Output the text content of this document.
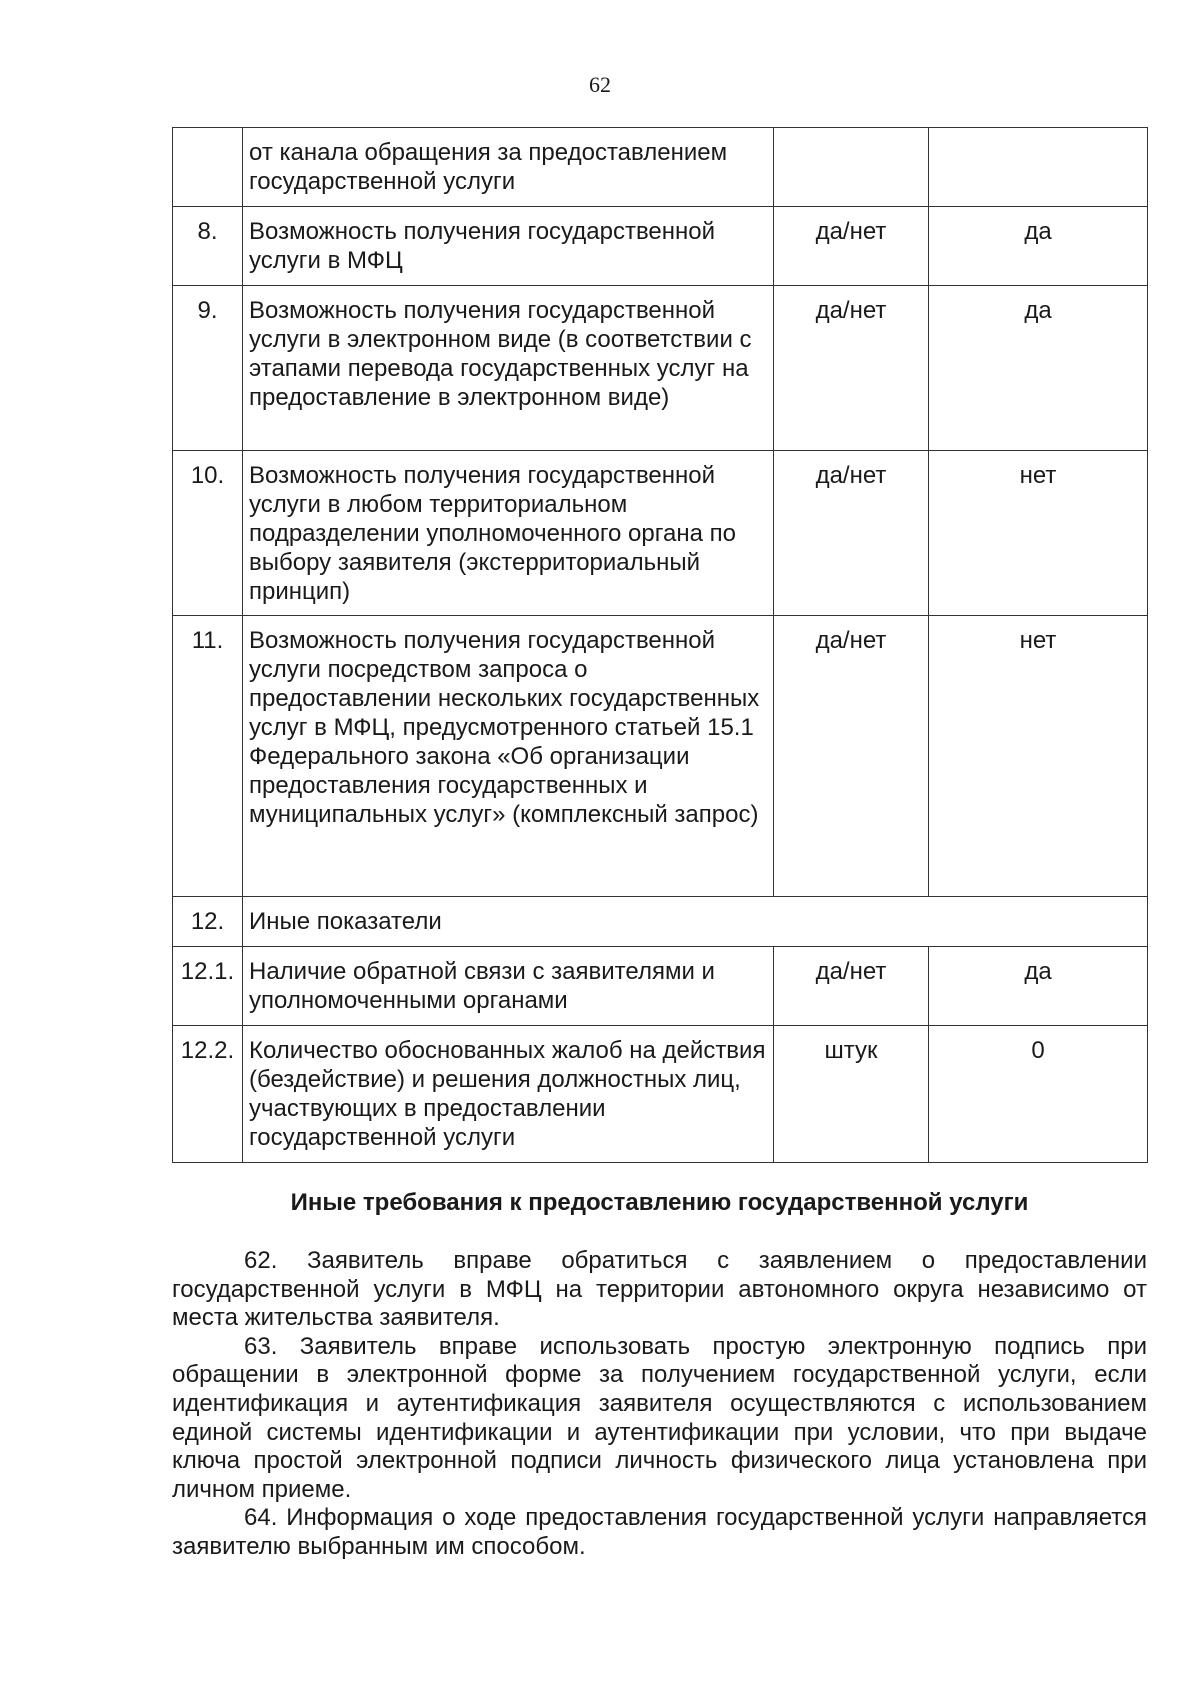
62
	от канала обращения за предоставлением государственной услуги		
8.	Возможность получения государственной услуги в МФЦ	да/нет	да
9.	Возможность получения государственной услуги в электронном виде (в соответствии с этапами перевода государственных услуг на предоставление в электронном виде)	да/нет	да
10.	Возможность получения государственной услуги в любом территориальном подразделении уполномоченного органа по выбору заявителя (экстерриториальный принцип)	да/нет	нет
11.	Возможность получения государственной услуги посредством запроса о предоставлении нескольких государственных услуг в МФЦ, предусмотренного статьей 15.1 Федерального закона «Об организации предоставления государственных и муниципальных услуг» (комплексный запрос)	да/нет	нет
12.	Иные показатели		
12.1.	Наличие обратной связи с заявителями и уполномоченными органами	да/нет	да
12.2.	Количество обоснованных жалоб на действия (бездействие) и решения должностных лиц, участвующих в предоставлении государственной услуги	штук	0
Иные требования к предоставлению государственной услуги

62. Заявитель вправе обратиться с заявлением о предоставлении государственной услуги в МФЦ на территории автономного округа независимо от места жительства заявителя.

63. Заявитель вправе использовать простую электронную подпись при обращении в электронной форме за получением государственной услуги, если идентификация и аутентификация заявителя осуществляются с использованием единой системы идентификации и аутентификации при условии, что при выдаче ключа простой электронной подписи личность физического лица установлена при личном приеме.

64. Информация о ходе предоставления государственной услуги направляется заявителю выбранным им способом.
